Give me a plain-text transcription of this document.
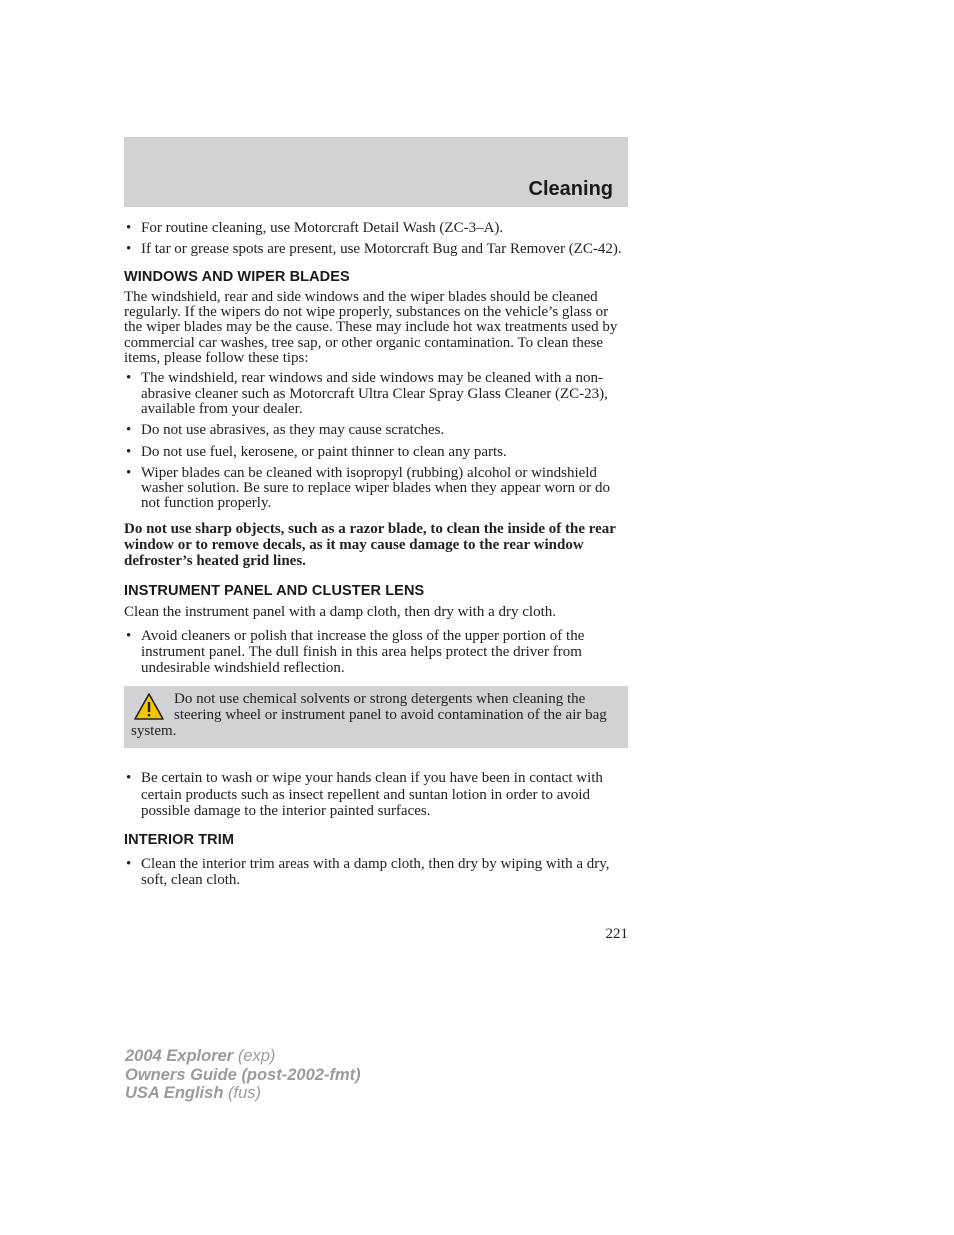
Cleaning
• For routine cleaning, use Motorcraft Detail Wash (ZC-3–A).
• If tar or grease spots are present, use Motorcraft Bug and Tar Remover (ZC-42).
WINDOWS AND WIPER BLADES

The windshield, rear and side windows and the wiper blades should be cleaned regularly. If the wipers do not wipe properly, substances on the vehicle’s glass or the wiper blades may be the cause. These may include hot wax treatments used by commercial car washes, tree sap, or other organic contamination. To clean these items, please follow these tips:

• The windshield, rear windows and side windows may be cleaned with a non-abrasive cleaner such as Motorcraft Ultra Clear Spray Glass Cleaner (ZC-23), available from your dealer.
• Do not use abrasives, as they may cause scratches.
• Do not use fuel, kerosene, or paint thinner to clean any parts.
• Wiper blades can be cleaned with isopropyl (rubbing) alcohol or windshield washer solution. Be sure to replace wiper blades when they appear worn or do not function properly.

Do not use sharp objects, such as a razor blade, to clean the inside of the rear window or to remove decals, as it may cause damage to the rear window defroster’s heated grid lines.

INSTRUMENT PANEL AND CLUSTER LENS

Clean the instrument panel with a damp cloth, then dry with a dry cloth.

• Avoid cleaners or polish that increase the gloss of the upper portion of the instrument panel. The dull finish in this area helps protect the driver from undesirable windshield reflection.
Do not use chemical solvents or strong detergents when cleaning the steering wheel or instrument panel to avoid contamination of the air bag system.
• Be certain to wash or wipe your hands clean if you have been in contact with certain products such as insect repellent and suntan lotion in order to avoid possible damage to the interior painted surfaces.
INTERIOR TRIM
• Clean the interior trim areas with a damp cloth, then dry by wiping with a dry, soft, clean cloth.
221
2004 Explorer (exp)
Owners Guide (post-2002-fmt)
USA English (fus)
